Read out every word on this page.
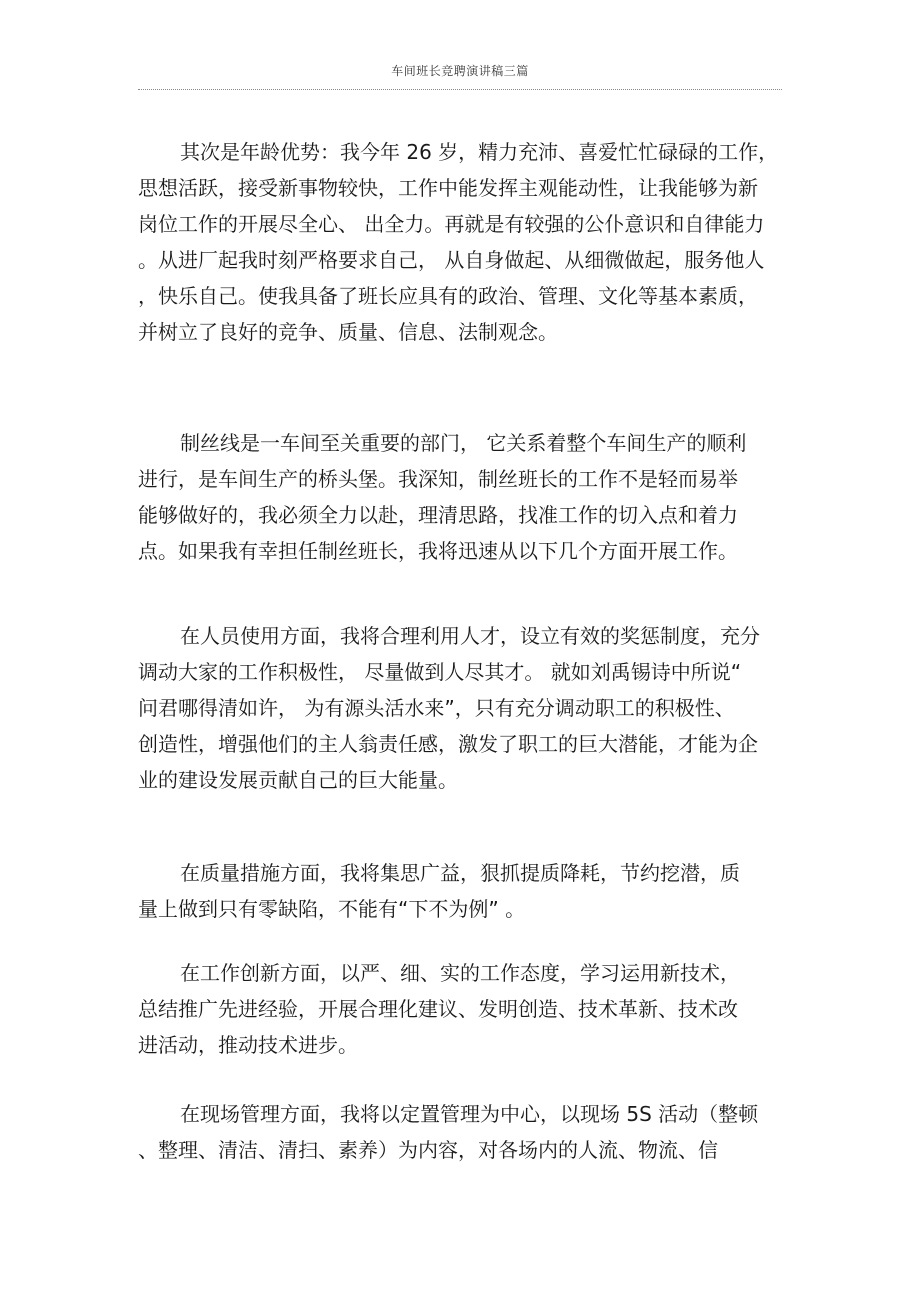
车间班长竞聘演讲稿三篇
其次是年龄优势：我今年 26 岁，精力充沛、喜爱忙忙碌碌的工作，
思想活跃，接受新事物较快，工作中能发挥主观能动性，让我能够为新
岗位工作的开展尽全心、 出全力。再就是有较强的公仆意识和自律能力
。从进厂起我时刻严格要求自己， 从自身做起、从细微做起，服务他人
，快乐自己。使我具备了班长应具有的政治、管理、文化等基本素质，
并树立了良好的竞争、质量、信息、法制观念。
制丝线是一车间至关重要的部门， 它关系着整个车间生产的顺利
进行，是车间生产的桥头堡。我深知，制丝班长的工作不是轻而易举
能够做好的，我必须全力以赴，理清思路，找准工作的切入点和着力
点。如果我有幸担任制丝班长，我将迅速从以下几个方面开展工作。
在人员使用方面，我将合理利用人才，设立有效的奖惩制度，充分
调动大家的工作积极性， 尽量做到人尽其才。 就如刘禹锡诗中所说“
问君哪得清如许， 为有源头活水来”，只有充分调动职工的积极性、
创造性，增强他们的主人翁责任感，激发了职工的巨大潜能，才能为企
业的建设发展贡献自己的巨大能量。
在质量措施方面，我将集思广益，狠抓提质降耗，节约挖潜，质
量上做到只有零缺陷，不能有“下不为例” 。
在工作创新方面，以严、细、实的工作态度，学习运用新技术，
总结推广先进经验，开展合理化建议、发明创造、技术革新、技术改
进活动，推动技术进步。
在现场管理方面，我将以定置管理为中心，以现场 5S 活动（整顿
、整理、清洁、清扫、素养）为内容，对各场内的人流、物流、信
